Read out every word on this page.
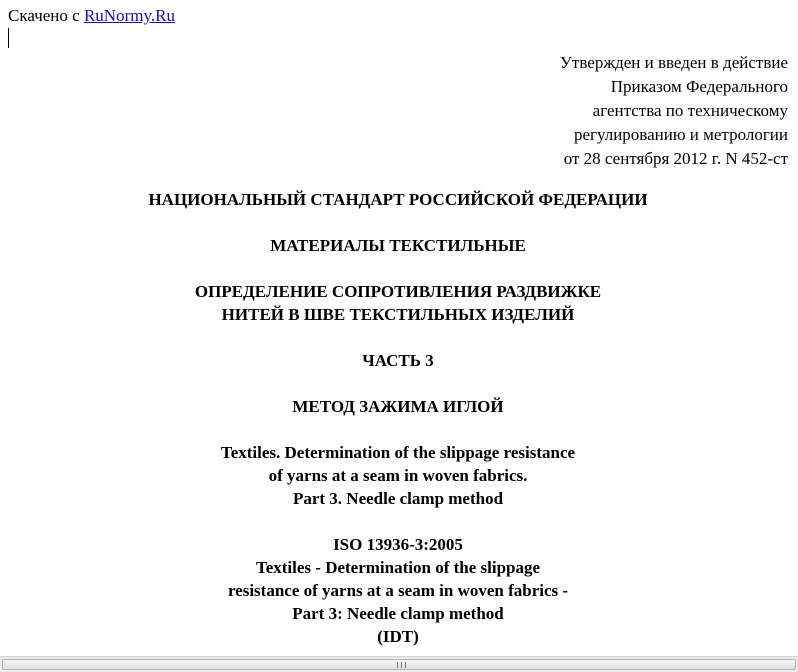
Скачено с RuNormy.Ru
Утвержден и введен в действие
Приказом Федерального
агентства по техническому
регулированию и метрологии
от 28 сентября 2012 г. N 452-ст
НАЦИОНАЛЬНЫЙ СТАНДАРТ РОССИЙСКОЙ ФЕДЕРАЦИИ
МАТЕРИАЛЫ ТЕКСТИЛЬНЫЕ
ОПРЕДЕЛЕНИЕ СОПРОТИВЛЕНИЯ РАЗДВИЖКЕ
НИТЕЙ В ШВЕ ТЕКСТИЛЬНЫХ ИЗДЕЛИЙ
ЧАСТЬ 3
МЕТОД ЗАЖИМА ИГЛОЙ
Textiles. Determination of the slippage resistance
of yarns at a seam in woven fabrics.
Part 3. Needle clamp method
ISO 13936-3:2005
Textiles - Determination of the slippage
resistance of yarns at a seam in woven fabrics -
Part 3: Needle clamp method
(IDT)
